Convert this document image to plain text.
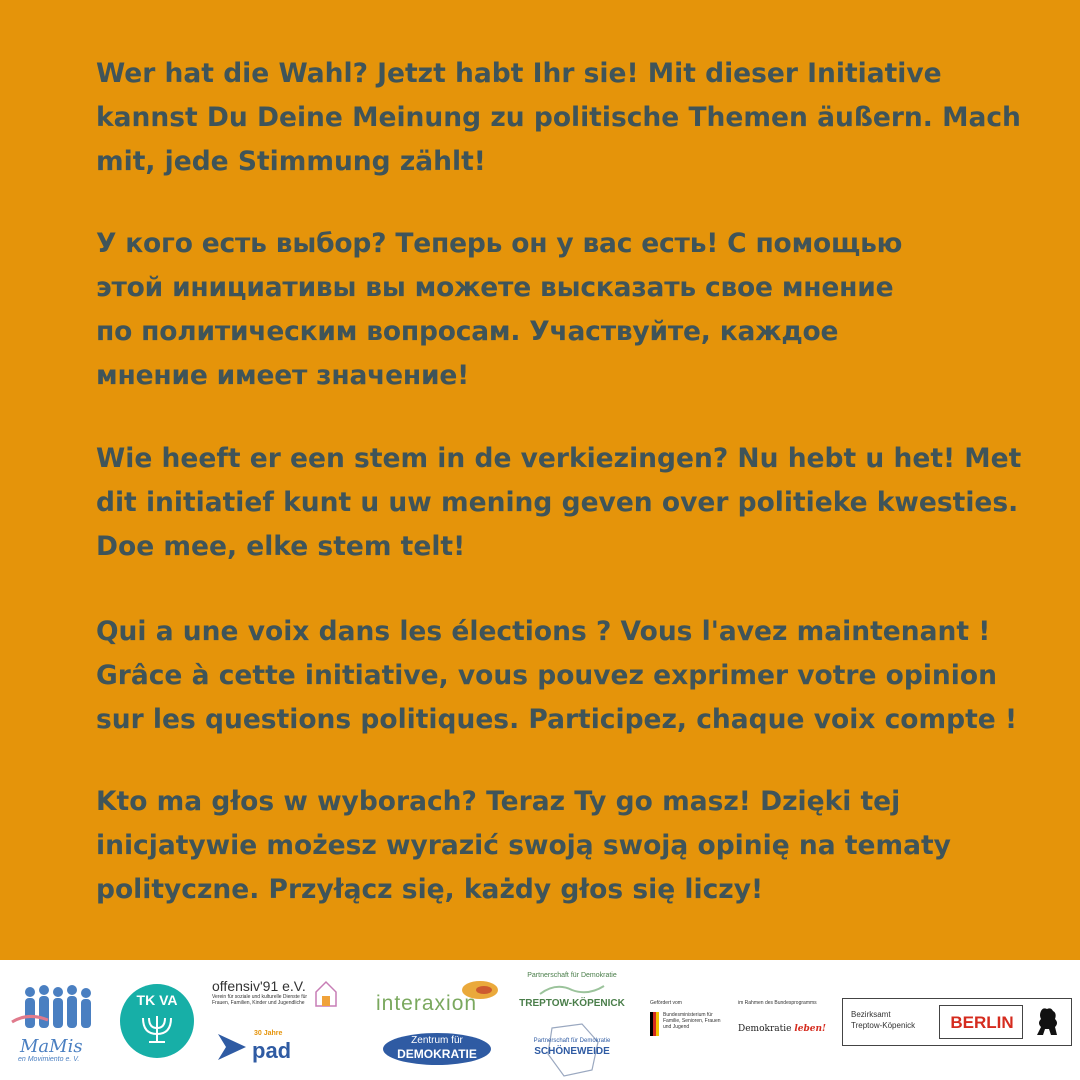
Wer hat die Wahl? Jetzt habt Ihr sie! Mit dieser Initiative
kannst Du Deine Meinung zu politische Themen äußern. Mach
mit, jede Stimmung zählt!

У кого есть выбор? Теперь он у вас есть! С помощью
этой инициативы вы можете высказать свое мнение
по политическим вопросам. Участвуйте, каждое
мнение имеет значение!

Wie heeft er een stem in de verkiezingen? Nu hebt u het! Met
dit initiatief kunt u uw mening geven over politieke kwesties.
Doe mee, elke stem telt!

Qui a une voix dans les élections ? Vous l'avez maintenant !
Grâce à cette initiative, vous pouvez exprimer votre opinion
sur les questions politiques. Participez, chaque voix compte !

Kto ma głos w wyborach? Teraz Ty go masz! Dzięki tej
inicjatywie możesz wyrazić swoją swoją opinię na tematy
polityczne. Przyłącz się, każdy głos się liczy!

MaMis
en Movimiento e. V.
TK VA
offensiv'91 e.V.
Verein für soziale und kulturelle Dienste für Frauen, Familien, Kinder und Jugendliche
30 Jahre
pad
interaxion
Zentrum für
DEMOKRATIE
Partnerschaft für Demokratie
TREPTOW-KÖPENICK
Partnerschaft für Demokratie
SCHÖNEWEIDE
Gefördert vom
Bundesministerium für Familie, Senioren, Frauen und Jugend
im Rahmen des Bundesprogramms
Demokratie leben!
Bezirksamt
Treptow-Köpenick	BERLIN
